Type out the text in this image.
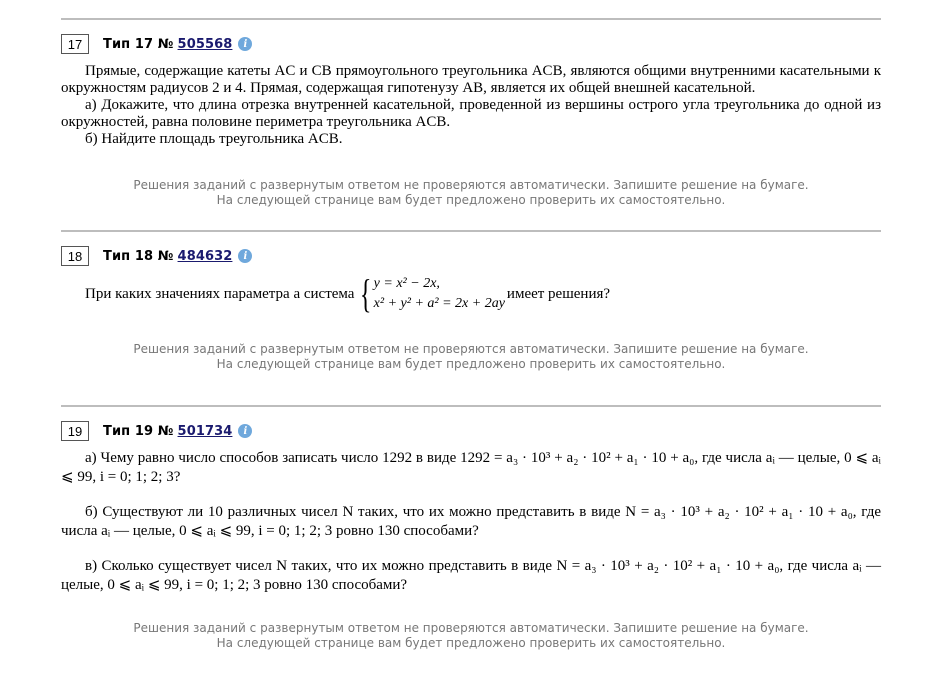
17	Тип 17 № 505568	i

Прямые, содержащие катеты AC и CB прямоугольного треугольника ACB, являются общими внутренними касательными к окружностям радиусов 2 и 4. Прямая, содержащая гипотенузу AB, является их общей внешней касательной.

а) Докажите, что длина отрезка внутренней касательной, проведенной из вершины острого угла треугольника до одной из окружностей, равна половине периметра треугольника ACB.

б) Найдите площадь треугольника ACB.

Решения заданий с развернутым ответом не проверяются автоматически. Запишите решение на бумаге.
На следующей странице вам будет предложено проверить их самостоятельно.
18	Тип 18 № 484632	i
При каких значениях параметра a система { y = x² − 2x,
x² + y² + a² = 2x + 2ay
имеет решения?
Решения заданий с развернутым ответом не проверяются автоматически. Запишите решение на бумаге.
На следующей странице вам будет предложено проверить их самостоятельно.
19	Тип 19 № 501734	i

а) Чему равно число способов записать число 1292 в виде 1292 = a₃ · 10³ + a₂ · 10² + a₁ · 10 + a₀, где числа aᵢ — целые, 0 ⩽ aᵢ ⩽ 99, i = 0; 1; 2; 3?

б) Существуют ли 10 различных чисел N таких, что их можно представить в виде N = a₃ · 10³ + a₂ · 10² + a₁ · 10 + a₀, где числа aᵢ — целые, 0 ⩽ aᵢ ⩽ 99, i = 0; 1; 2; 3 ровно 130 способами?

в) Сколько существует чисел N таких, что их можно представить в виде N = a₃ · 10³ + a₂ · 10² + a₁ · 10 + a₀, где числа aᵢ — целые, 0 ⩽ aᵢ ⩽ 99, i = 0; 1; 2; 3 ровно 130 способами?

Решения заданий с развернутым ответом не проверяются автоматически. Запишите решение на бумаге.
На следующей странице вам будет предложено проверить их самостоятельно.
